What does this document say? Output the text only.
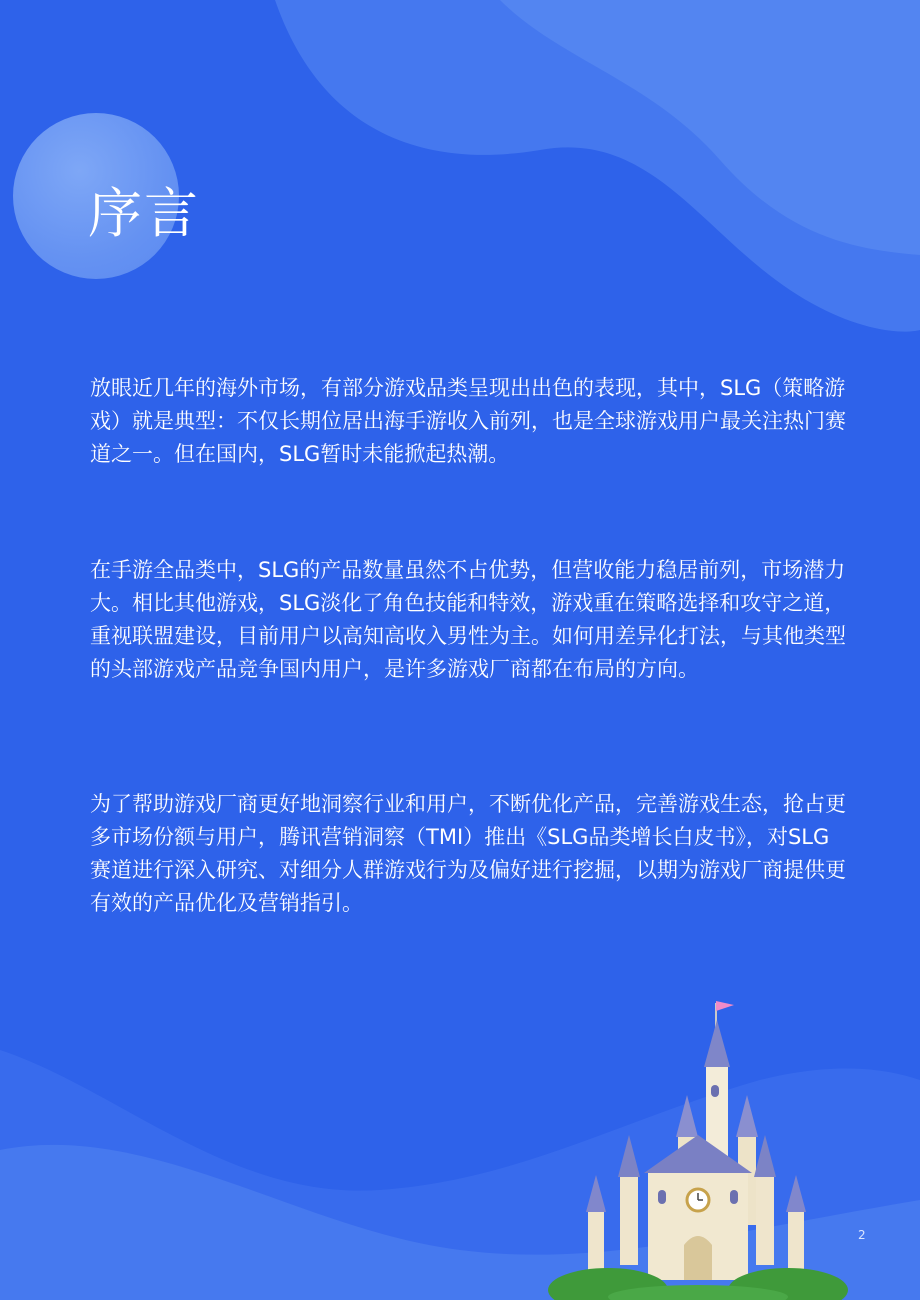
序言

放眼近几年的海外市场，有部分游戏品类呈现出出色的表现，其中，SLG（策略游戏）就是典型：不仅长期位居出海手游收入前列，也是全球游戏用户最关注热门赛道之一。但在国内，SLG暂时未能掀起热潮。

在手游全品类中，SLG的产品数量虽然不占优势，但营收能力稳居前列，市场潜力大。相比其他游戏，SLG淡化了角色技能和特效，游戏重在策略选择和攻守之道，重视联盟建设，目前用户以高知高收入男性为主。如何用差异化打法，与其他类型的头部游戏产品竞争国内用户，是许多游戏厂商都在布局的方向。

为了帮助游戏厂商更好地洞察行业和用户，不断优化产品，完善游戏生态，抢占更多市场份额与用户，腾讯营销洞察（TMI）推出《SLG品类增长白皮书》，对SLG赛道进行深入研究、对细分人群游戏行为及偏好进行挖掘，以期为游戏厂商提供更有效的产品优化及营销指引。

2
